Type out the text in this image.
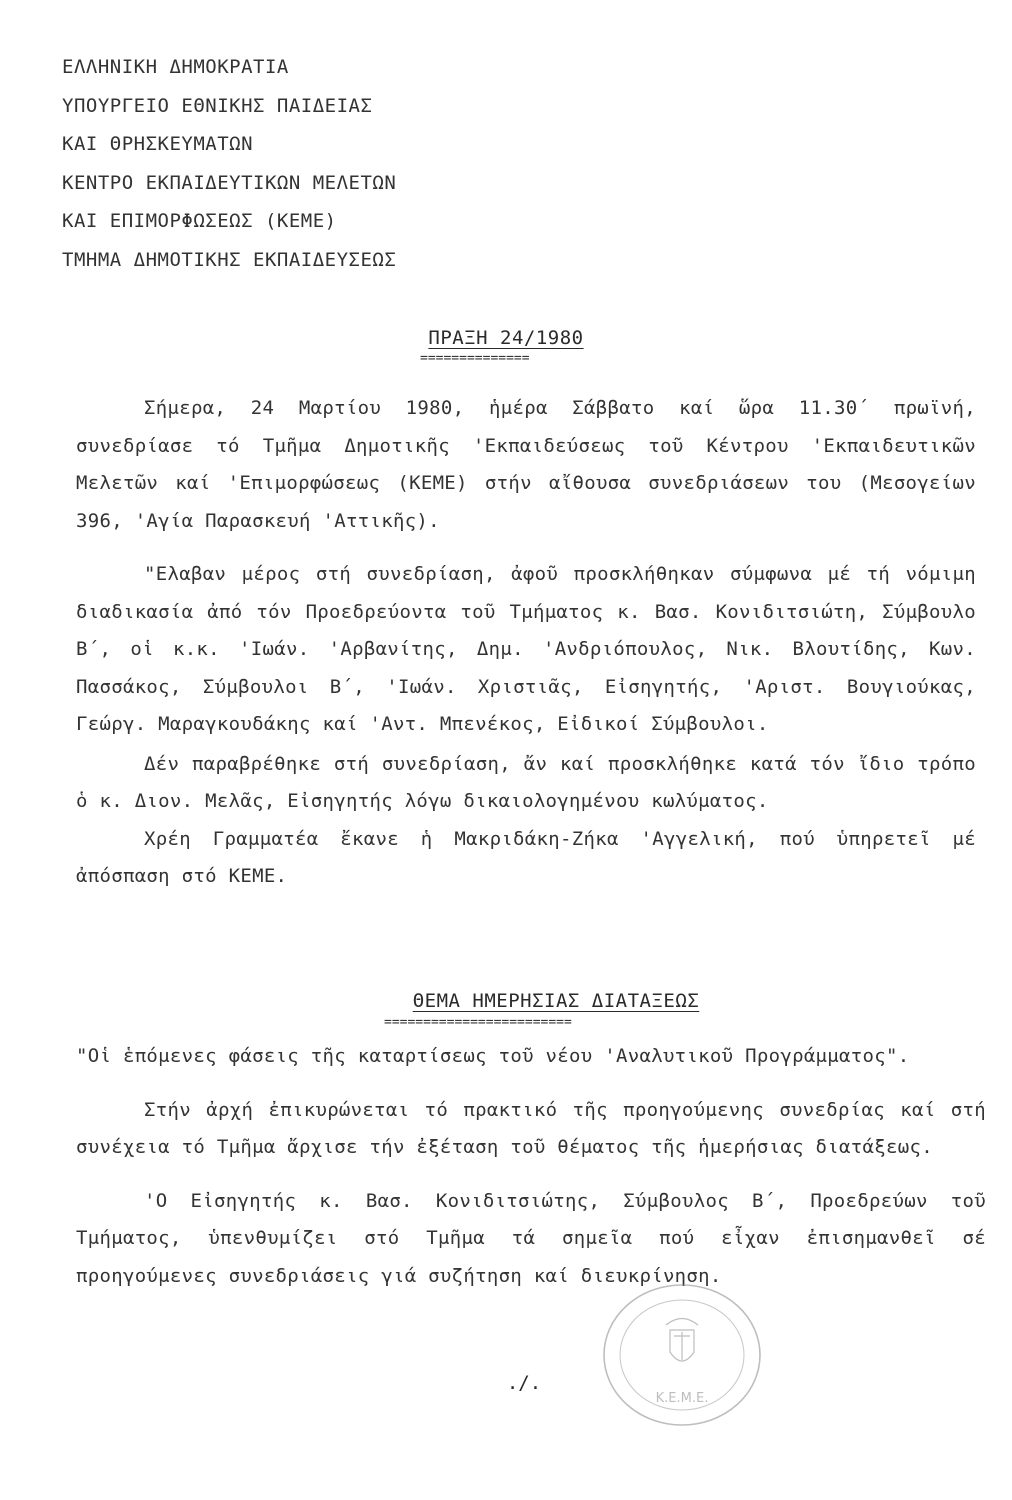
ΕΛΛΗΝΙΚΗ ΔΗΜΟΚΡΑΤΙΑ
ΥΠΟΥΡΓΕΙΟ ΕΘΝΙΚΗΣ ΠΑΙΔΕΙΑΣ
ΚΑΙ ΘΡΗΣΚΕΥΜΑΤΩΝ
ΚΕΝΤΡΟ ΕΚΠΑΙΔΕΥΤΙΚΩΝ ΜΕΛΕΤΩΝ
ΚΑΙ ΕΠΙΜΟΡΦΩΣΕΩΣ (ΚΕΜΕ)
ΤΜΗΜΑ ΔΗΜΟΤΙΚΗΣ ΕΚΠΑΙΔΕΥΣΕΩΣ
ΠΡΑΞΗ 24/1980
==============

Σήμερα, 24 Μαρτίου 1980, ἡμέρα Σάββατο καί ὥρα 11.30΄ πρωϊνή, συνεδρίασε τό Τμῆμα Δημοτικῆς 'Εκπαιδεύσεως τοῦ Κέντρου 'Εκπαιδευτικῶν Μελετῶν καί 'Επιμορφώσεως (ΚΕΜΕ) στήν αἴθουσα συνεδριάσεων του (Μεσογείων 396, 'Αγία Παρασκευή 'Αττικῆς).

"Ελαβαν μέρος στή συνεδρίαση, ἀφοῦ προσκλήθηκαν σύμφωνα μέ τή νόμιμη διαδικασία ἀπό τόν Προεδρεύοντα τοῦ Τμήματος κ. Βασ. Κονιδιτσιώτη, Σύμβουλο Β΄, οἱ κ.κ. 'Ιωάν. 'Αρβανίτης, Δημ. 'Ανδριόπουλος, Νικ. Βλουτίδης, Κων. Πασσάκος, Σύμβουλοι Β΄, 'Ιωάν. Χριστιᾶς, Εἰσηγητής, 'Αριστ. Βουγιούκας, Γεώργ. Μαραγκουδάκης καί 'Αντ. Μπενέκος, Εἰδικοί Σύμβουλοι.

Δέν παραβρέθηκε στή συνεδρίαση, ἄν καί προσκλήθηκε κατά τόν ἴδιο τρόπο ὁ κ. Διον. Μελᾶς, Εἰσηγητής λόγω δικαιολογημένου κωλύματος.

Χρέη Γραμματέα ἔκανε ἡ Μακριδάκη-Ζήκα 'Αγγελική, πού ὑπηρετεῖ μέ ἀπόσπαση στό ΚΕΜΕ.

ΘΕΜΑ ΗΜΕΡΗΣΙΑΣ ΔΙΑΤΑΞΕΩΣ
========================

"Οἱ ἑπόμενες φάσεις τῆς καταρτίσεως τοῦ νέου 'Αναλυτικοῦ Προγράμματος".

Στήν ἀρχή ἐπικυρώνεται τό πρακτικό τῆς προηγούμενης συνεδρίας καί στή συνέχεια τό Τμῆμα ἄρχισε τήν ἐξέταση τοῦ θέματος τῆς ἡμερήσιας διατάξεως.

'Ο Εἰσηγητής κ. Βασ. Κονιδιτσιώτης, Σύμβουλος Β΄, Προεδρεύων τοῦ Τμήματος, ὑπενθυμίζει στό Τμῆμα τά σημεῖα πού εἶχαν ἐπισημανθεῖ σέ προηγούμενες συνεδριάσεις γιά συζήτηση καί διευκρίνηση.

./.
Κ.Ε.Μ.Ε.
